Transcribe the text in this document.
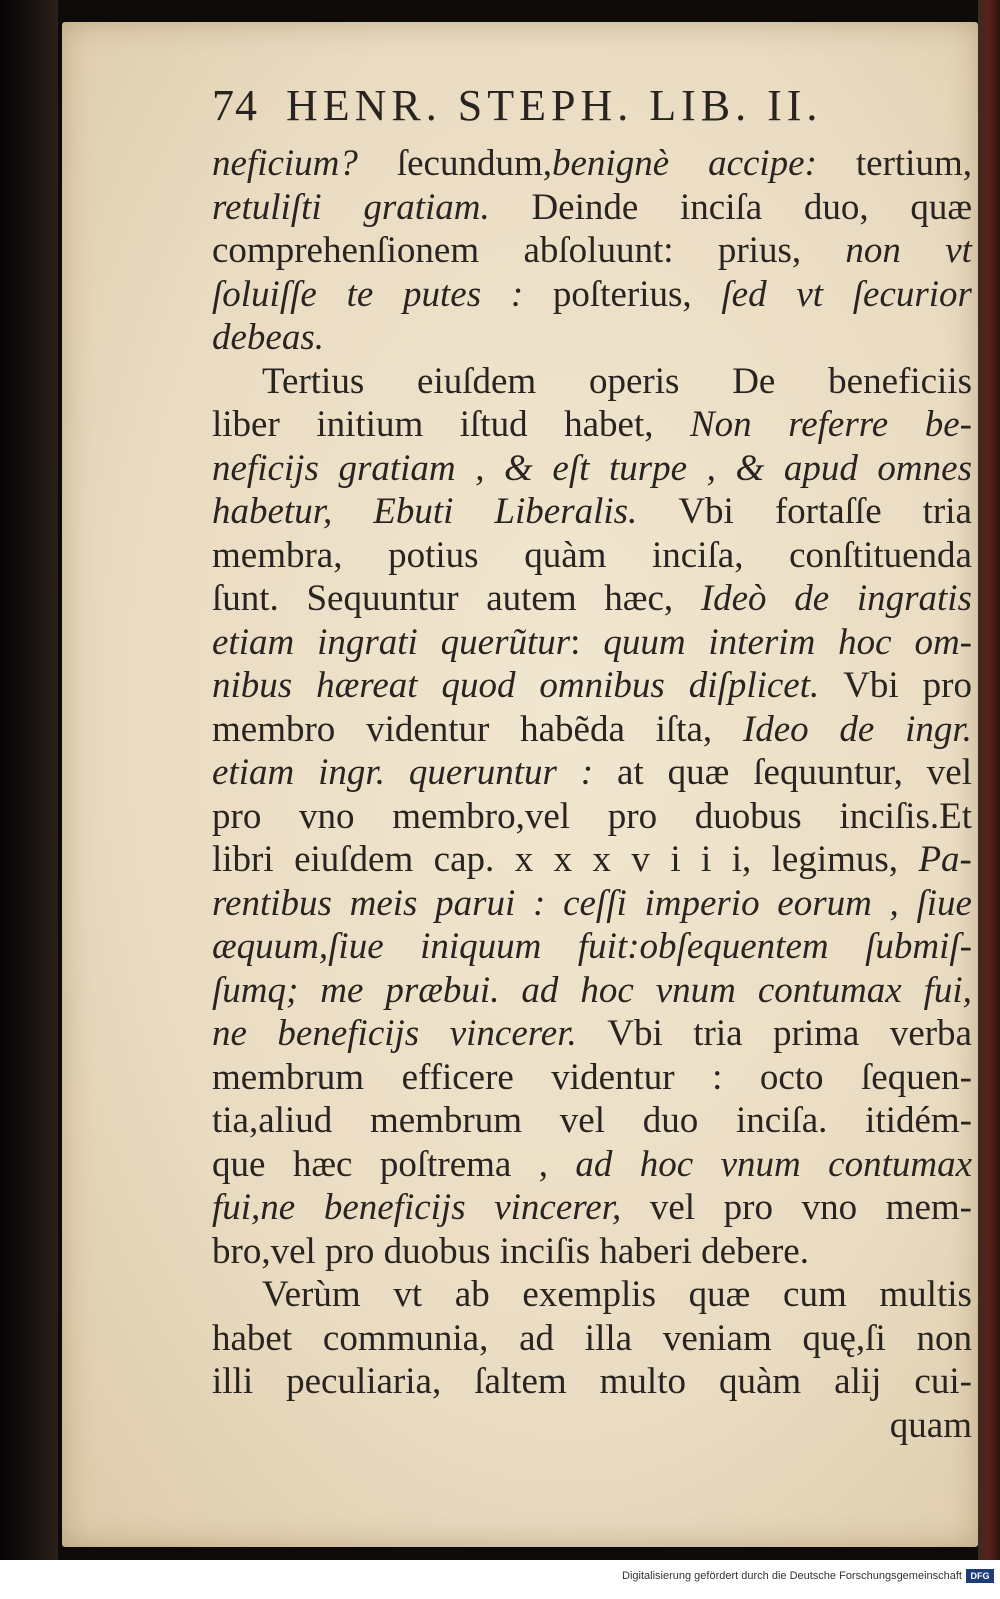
74 HENR. STEPH. LIB. II.
neficium? ſecundum,benignè accipe: tertium,
retuliſti gratiam. Deinde inciſa duo, quæ
comprehenſionem abſoluunt: prius, non vt
ſoluiſſe te putes : poſterius, ſed vt ſecurior
debeas.
Tertius eiuſdem operis De beneficiis
liber initium iſtud habet, Non referre be-
neficijs gratiam , & eſt turpe , & apud omnes
habetur, Ebuti Liberalis. Vbi fortaſſe tria
membra, potius quàm inciſa, conſtituenda
ſunt. Sequuntur autem hæc, Ideò de ingratis
etiam ingrati querũtur: quum interim hoc om-
nibus hæreat quod omnibus diſplicet. Vbi pro
membro videntur habẽda iſta, Ideo de ingr.
etiam ingr. queruntur : at quæ ſequuntur, vel
pro vno membro,vel pro duobus inciſis.Et
libri eiuſdem cap. x x x v i i i, legimus, Pa-
rentibus meis parui : ceſſi imperio eorum , ſiue
æquum,ſiue iniquum fuit:obſequentem ſubmiſ-
ſumq; me præbui. ad hoc vnum contumax fui,
ne beneficijs vincerer. Vbi tria prima verba
membrum efficere videntur : octo ſequen-
tia,aliud membrum vel duo inciſa. itidém-
que hæc poſtrema , ad hoc vnum contumax
fui,ne beneficijs vincerer, vel pro vno mem-
bro,vel pro duobus inciſis haberi debere.
Verùm vt ab exemplis quæ cum multis
habet communia, ad illa veniam quę,ſi non
illi peculiaria, ſaltem multo quàm alij cui-
quam
Digitalisierung gefördert durch die Deutsche Forschungsgemeinschaft DFG
